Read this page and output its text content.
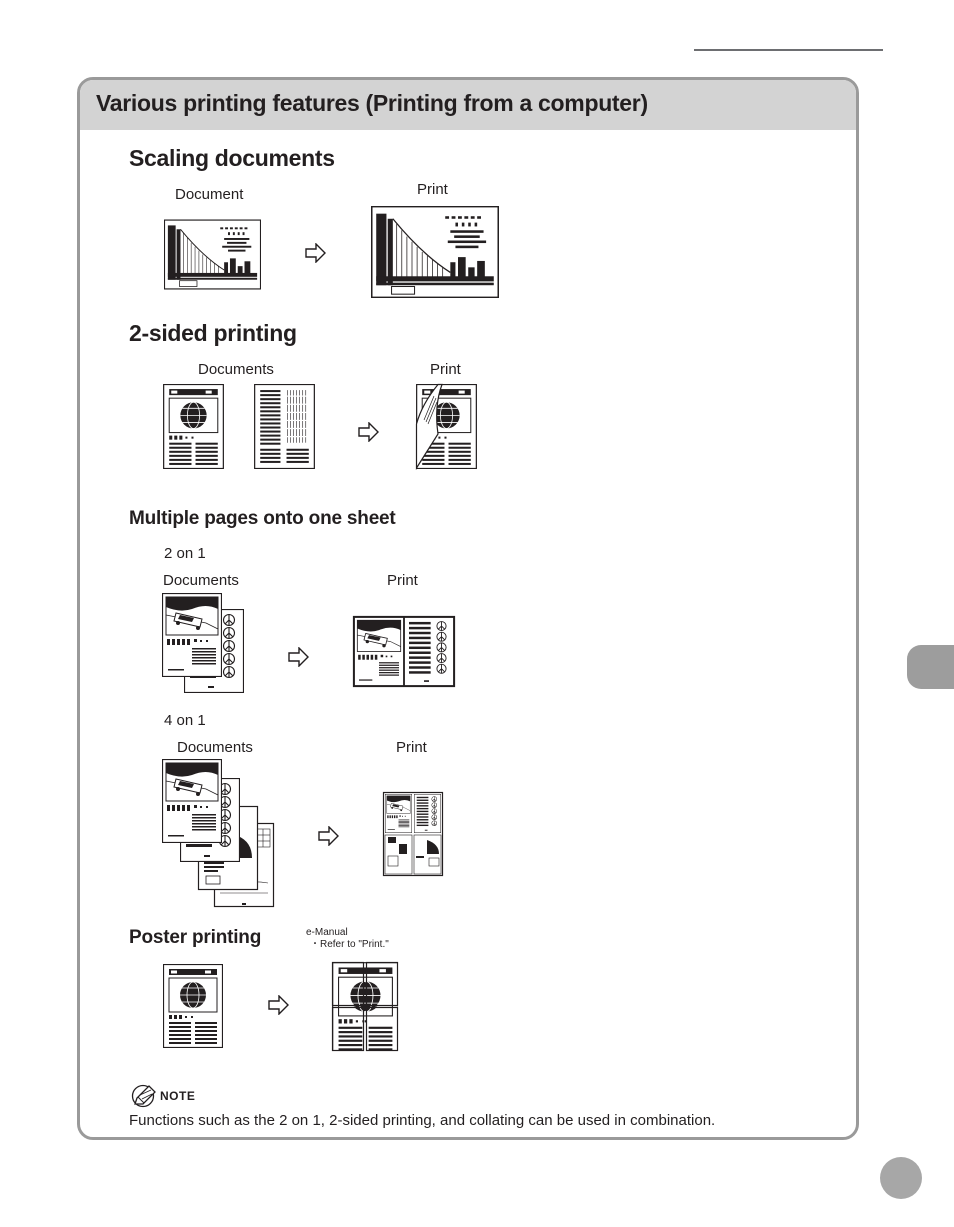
Various printing features (Printing from a computer)
Scaling documents
Document	Print
2-sided printing
Documents	Print
Multiple pages onto one sheet
2 on 1
Documents	Print
4 on 1
Documents	Print
Poster printing	e-Manual
・Refer to "Print."
NOTE
Functions such as the 2 on 1, 2-sided printing, and collating can be used in combination.
